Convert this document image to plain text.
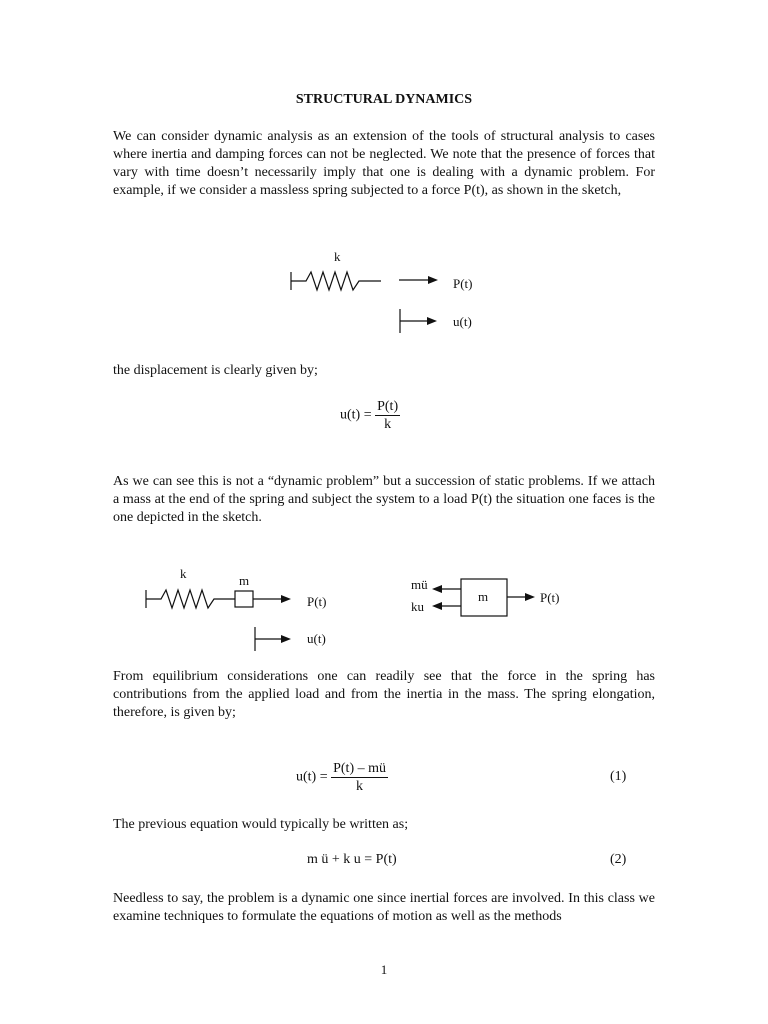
STRUCTURAL DYNAMICS
We can consider dynamic analysis as an extension of the tools of structural analysis to cases where inertia and damping forces can not be neglected. We note that the presence of forces that vary with time doesn’t necessarily imply that one is dealing with a dynamic problem. For example, if we consider a massless spring subjected to a force P(t), as shown in the sketch,
k
P(t)
u(t)
the displacement is clearly given by;
$u(t) = \frac{P(t)}{k}$
As we can see this is not a “dynamic problem” but a succession of static problems. If we attach a mass at the end of the spring and subject the system to a load P(t) the situation one faces is the one depicted in the sketch.
k	m
P(t)
u(t)
mü
ku
m	P(t)
From equilibrium considerations one can readily see that the force in the spring has contributions from the applied load and from the inertia in the mass. The spring elongation, therefore, is given by;
$u(t) = \frac{P(t) - mü}{k}$	(1)
The previous equation would typically be written as;
m ü + k u = P(t)	(2)
Needless to say, the problem is a dynamic one since inertial forces are involved. In this class we examine techniques to formulate the equations of motion as well as the methods
1
